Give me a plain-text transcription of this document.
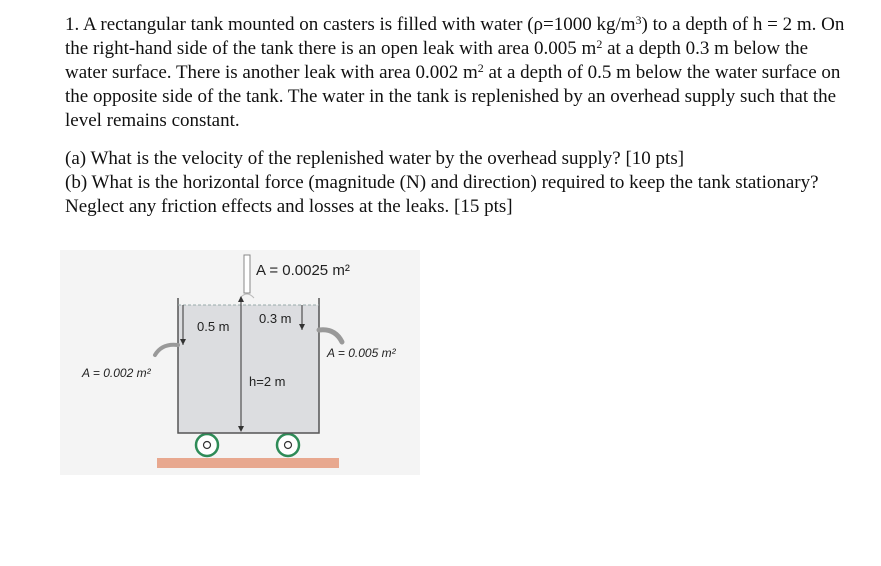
1. A rectangular tank mounted on casters is filled with water (ρ=1000 $kg/m^3$) to a depth of h = 2 m. On the right-hand side of the tank there is an open leak with area 0.005 $m^2$ at a depth 0.3 m below the water surface. There is another leak with area 0.002 $m^2$ at a depth of 0.5 m below the water surface on the opposite side of the tank. The water in the tank is replenished by an overhead supply such that the level remains constant.

(a) What is the velocity of the replenished water by the overhead supply? [10 pts]

(b) What is the horizontal force (magnitude (N) and direction) required to keep the tank stationary? Neglect any friction effects and losses at the leaks. [15 pts]

A = 0.0025 m²
0.5 m
0.3 m
A = 0.005 m²
A = 0.002 m²
h=2 m
